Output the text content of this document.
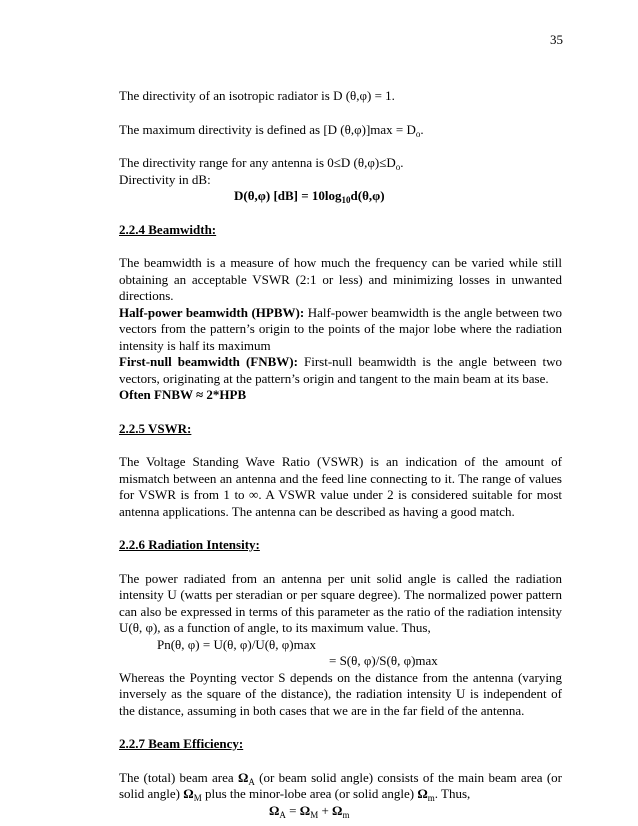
35

The directivity of an isotropic radiator is D (θ,φ) = 1.

The maximum directivity is defined as [D $(\theta,\varphi)]\max = D_o$.

The directivity range for any antenna is 0≤D $(\theta,\varphi)\le D_o$.

Directivity in dB:

D(θ,φ) $[dB] = 10\log_{10}d(\theta,\varphi)$

2.2.4 Beamwidth:

The beamwidth is a measure of how much the frequency can be varied while still obtaining an acceptable VSWR (2:1 or less) and minimizing losses in unwanted directions.

Half-power beamwidth (HPBW): Half-power beamwidth is the angle between two vectors from the pattern’s origin to the points of the major lobe where the radiation intensity is half its maximum

First-null beamwidth (FNBW): First-null beamwidth is the angle between two vectors, originating at the pattern’s origin and tangent to the main beam at its base.

Often FNBW ≈ 2*HPB

2.2.5 VSWR:

The Voltage Standing Wave Ratio (VSWR) is an indication of the amount of mismatch between an antenna and the feed line connecting to it. The range of values for VSWR is from 1 to ∞. A VSWR value under 2 is considered suitable for most antenna applications. The antenna can be described as having a good match.

2.2.6 Radiation Intensity:

The power radiated from an antenna per unit solid angle is called the radiation intensity U (watts per steradian or per square degree). The normalized power pattern can also be expressed in terms of this parameter as the ratio of the radiation intensity U(θ, φ), as a function of angle, to its maximum value. Thus,

Pn(θ, φ) = U(θ, φ)/U(θ, φ)max

= S(θ, φ)/S(θ, φ)max

Whereas the Poynting vector S depends on the distance from the antenna (varying inversely as the square of the distance), the radiation intensity U is independent of the distance, assuming in both cases that we are in the far field of the antenna.

2.2.7 Beam Efficiency:

The (total) beam area $\Omega_A$ (or beam solid angle) consists of the main beam area (or solid angle) $\Omega_M$ plus the minor-lobe area (or solid angle) $\Omega_m$. Thus,

$\Omega_A = \Omega_M + \Omega_m$
